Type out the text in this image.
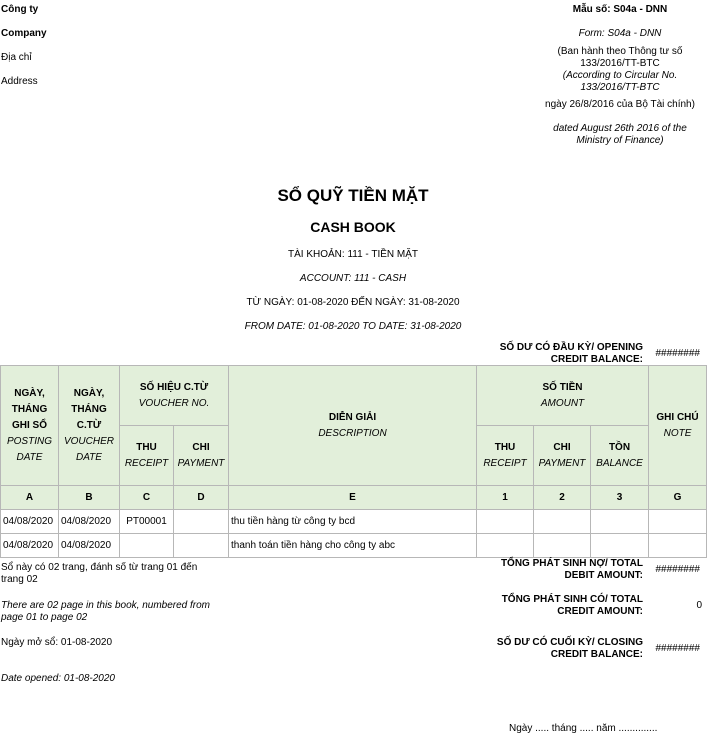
Công ty
Company
Địa chỉ
Address
Mẫu số: S04a - DNN
Form: S04a - DNN
(Ban hành theo Thông tư số
133/2016/TT-BTC
(According to Circular No.
133/2016/TT-BTC
ngày 26/8/2016 của Bộ Tài chính)
dated August 26th 2016 of the
Ministry of Finance)
SỔ QUỸ TIỀN MẶT
CASH BOOK
TÀI KHOẢN: 111 - TIỀN MẶT
ACCOUNT: 111 - CASH
TỪ NGÀY: 01-08-2020 ĐẾN NGÀY: 31-08-2020
FROM DATE: 01-08-2020 TO DATE: 31-08-2020
SỐ DƯ CÓ ĐẦU KỲ/ OPENING
CREDIT BALANCE:
########
NGÀY,
THÁNG
GHI SỔ
POSTING
DATE	NGÀY,
THÁNG
C.TỪ
VOUCHER
DATE	SỐ HIỆU C.TỪ
VOUCHER NO.		DIỄN GIẢI
DESCRIPTION	SỐ TIỀN
AMOUNT			GHI CHÚ
NOTE

		THU
RECEIPT	CHI
PAYMENT		THU
RECEIPT	CHI
PAYMENT	TỒN
BALANCE	

A	B	C	D	E	1	2	3	G
04/08/2020	04/08/2020	PT00001		thu tiền hàng từ công ty bcd				
04/08/2020	04/08/2020			thanh toán tiền hàng cho công ty abc				
Sổ này có 02 trang, đánh số từ trang 01 đến
trang 02
There are 02 page in this book, numbered from
page 01 to page 02
Ngày mở sổ: 01-08-2020
Date opened: 01-08-2020
TỔNG PHÁT SINH NỢ/ TOTAL
DEBIT AMOUNT:
########
TỔNG PHÁT SINH CÓ/ TOTAL
CREDIT AMOUNT:
0
SỐ DƯ CÓ CUỐI KỲ/ CLOSING
CREDIT BALANCE:
########
Ngày ..... tháng ..... năm ..............
